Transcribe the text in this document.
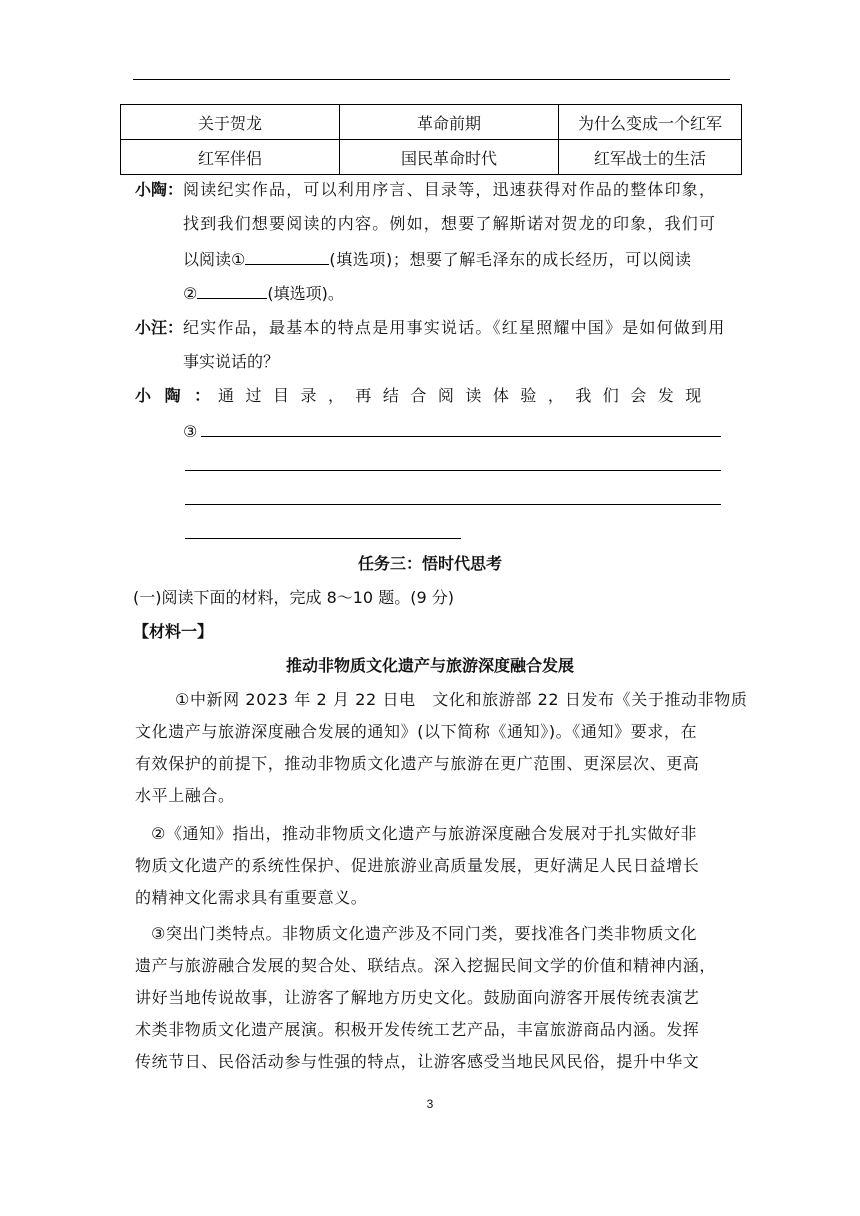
关于贺龙	革命前期	为什么变成一个红军
红军伴侣	国民革命时代	红军战士的生活
小陶： 阅读纪实作品，可以利用序言、目录等，迅速获得对作品的整体印象，
找到我们想要阅读的内容。例如，想要了解斯诺对贺龙的印象，我们可
以阅读①	(填选项)；想要了解毛泽东的成长经历，可以阅读
②	(填选项)。
小汪： 纪实作品，最基本的特点是用事实说话。《红星照耀中国》是如何做到用
事实说话的？
小 陶 ： 通 过 目 录 ， 再 结 合 阅 读 体 验 ， 我 们 会 发 现
③
任务三：悟时代思考
(一)阅读下面的材料，完成 8～10 题。(9 分)
【材料一】
推动非物质文化遗产与旅游深度融合发展
①中新网 2023 年 2 月 22 日电　文化和旅游部 22 日发布《关于推动非物质
文化遗产与旅游深度融合发展的通知》(以下简称《通知》)。《通知》要求，在
有效保护的前提下，推动非物质文化遗产与旅游在更广范围、更深层次、更高
水平上融合。
②《通知》指出，推动非物质文化遗产与旅游深度融合发展对于扎实做好非
物质文化遗产的系统性保护、促进旅游业高质量发展，更好满足人民日益增长
的精神文化需求具有重要意义。
③突出门类特点。非物质文化遗产涉及不同门类，要找准各门类非物质文化
遗产与旅游融合发展的契合处、联结点。深入挖掘民间文学的价值和精神内涵，
讲好当地传说故事，让游客了解地方历史文化。鼓励面向游客开展传统表演艺
术类非物质文化遗产展演。积极开发传统工艺产品，丰富旅游商品内涵。发挥
传统节日、民俗活动参与性强的特点，让游客感受当地民风民俗，提升中华文
3
